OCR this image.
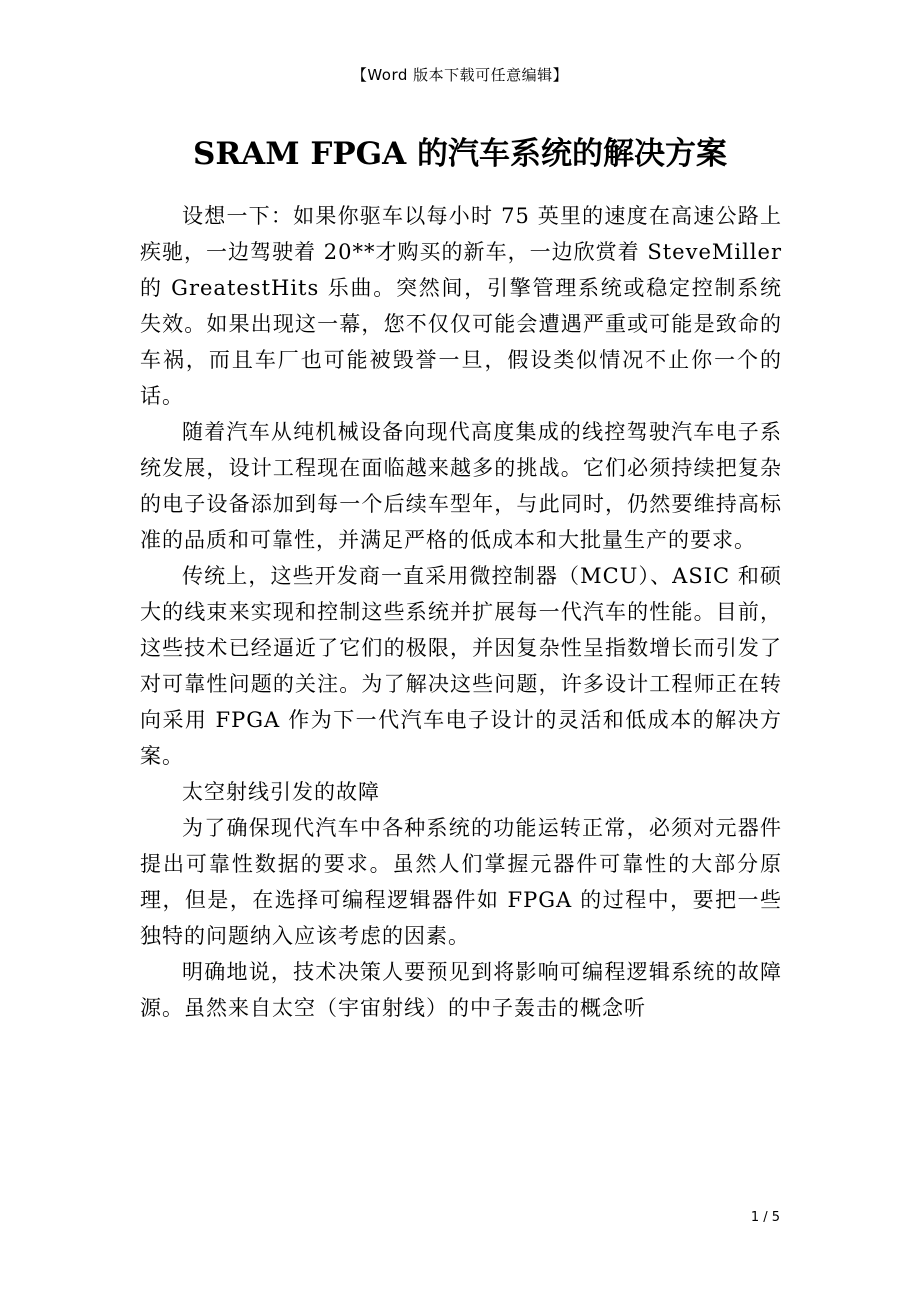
【Word 版本下载可任意编辑】
SRAM FPGA 的汽车系统的解决方案

设想一下：如果你驱车以每小时 75 英里的速度在高速公路上疾驰，一边驾驶着 20**才购买的新车，一边欣赏着 SteveMiller 的 GreatestHits 乐曲。突然间，引擎管理系统或稳定控制系统失效。如果出现这一幕，您不仅仅可能会遭遇严重或可能是致命的车祸，而且车厂也可能被毁誉一旦，假设类似情况不止你一个的话。

随着汽车从纯机械设备向现代高度集成的线控驾驶汽车电子系统发展，设计工程现在面临越来越多的挑战。它们必须持续把复杂的电子设备添加到每一个后续车型年，与此同时，仍然要维持高标准的品质和可靠性，并满足严格的低成本和大批量生产的要求。

传统上，这些开发商一直采用微控制器（MCU）、ASIC 和硕大的线束来实现和控制这些系统并扩展每一代汽车的性能。目前，这些技术已经逼近了它们的极限，并因复杂性呈指数增长而引发了对可靠性问题的关注。为了解决这些问题，许多设计工程师正在转向采用 FPGA 作为下一代汽车电子设计的灵活和低成本的解决方案。

太空射线引发的故障

为了确保现代汽车中各种系统的功能运转正常，必须对元器件提出可靠性数据的要求。虽然人们掌握元器件可靠性的大部分原理，但是，在选择可编程逻辑器件如 FPGA 的过程中，要把一些独特的问题纳入应该考虑的因素。

明确地说，技术决策人要预见到将影响可编程逻辑系统的故障源。虽然来自太空（宇宙射线）的中子轰击的概念听

1 / 5
